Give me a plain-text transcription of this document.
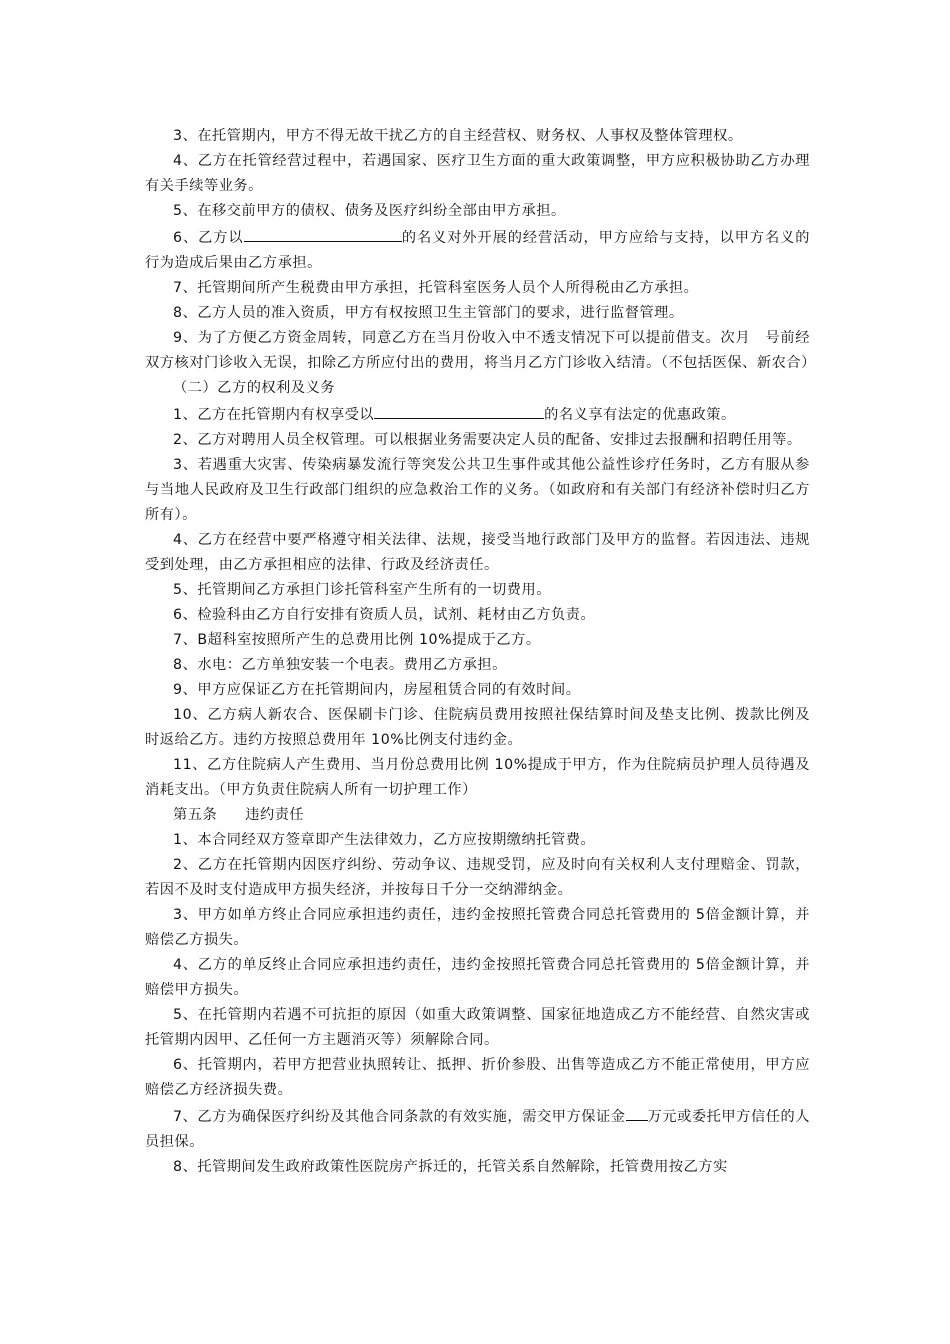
3、在托管期内，甲方不得无故干扰乙方的自主经营权、财务权、人事权及整体管理权。

4、乙方在托管经营过程中，若遇国家、医疗卫生方面的重大政策调整，甲方应积极协助乙方办理有关手续等业务。

5、在移交前甲方的债权、债务及医疗纠纷全部由甲方承担。

6、乙方以	的名义对外开展的经营活动，甲方应给与支持，以甲方名义的行为造成后果由乙方承担。

7、托管期间所产生税费由甲方承担，托管科室医务人员个人所得税由乙方承担。

8、乙方人员的准入资质，甲方有权按照卫生主管部门的要求，进行监督管理。

9、为了方便乙方资金周转，同意乙方在当月份收入中不透支情况下可以提前借支。次月　号前经双方核对门诊收入无误，扣除乙方所应付出的费用，将当月乙方门诊收入结清。（不包括医保、新农合）

（二）乙方的权利及义务

1、乙方在托管期内有权享受以	的名义享有法定的优惠政策。

2、乙方对聘用人员全权管理。可以根据业务需要决定人员的配备、安排过去报酬和招聘任用等。

3、若遇重大灾害、传染病暴发流行等突发公共卫生事件或其他公益性诊疗任务时，乙方有服从参与当地人民政府及卫生行政部门组织的应急救治工作的义务。（如政府和有关部门有经济补偿时归乙方所有）。

4、乙方在经营中要严格遵守相关法律、法规，接受当地行政部门及甲方的监督。若因违法、违规受到处理，由乙方承担相应的法律、行政及经济责任。

5、托管期间乙方承担门诊托管科室产生所有的一切费用。

6、检验科由乙方自行安排有资质人员，试剂、耗材由乙方负责。

7、B超科室按照所产生的总费用比例 10%提成于乙方。

8、水电：乙方单独安装一个电表。费用乙方承担。

9、甲方应保证乙方在托管期间内，房屋租赁合同的有效时间。

10、乙方病人新农合、医保刷卡门诊、住院病员费用按照社保结算时间及垫支比例、拨款比例及时返给乙方。违约方按照总费用年 10%比例支付违约金。

11、乙方住院病人产生费用、当月份总费用比例 10%提成于甲方，作为住院病员护理人员待遇及消耗支出。（甲方负责住院病人所有一切护理工作）

第五条 违约责任

1、本合同经双方签章即产生法律效力，乙方应按期缴纳托管费。

2、乙方在托管期内因医疗纠纷、劳动争议、违规受罚，应及时向有关权利人支付理赔金、罚款，若因不及时支付造成甲方损失经济，并按每日千分一交纳滞纳金。

3、甲方如单方终止合同应承担违约责任，违约金按照托管费合同总托管费用的 5倍金额计算，并赔偿乙方损失。

4、乙方的单反终止合同应承担违约责任，违约金按照托管费合同总托管费用的 5倍金额计算，并赔偿甲方损失。

5、在托管期内若遇不可抗拒的原因（如重大政策调整、国家征地造成乙方不能经营、自然灾害或托管期内因甲、乙任何一方主题消灭等）须解除合同。

6、托管期内，若甲方把营业执照转让、抵押、折价参股、出售等造成乙方不能正常使用，甲方应赔偿乙方经济损失费。

7、乙方为确保医疗纠纷及其他合同条款的有效实施，需交甲方保证金 万元或委托甲方信任的人员担保。

8、托管期间发生政府政策性医院房产拆迁的，托管关系自然解除，托管费用按乙方实
